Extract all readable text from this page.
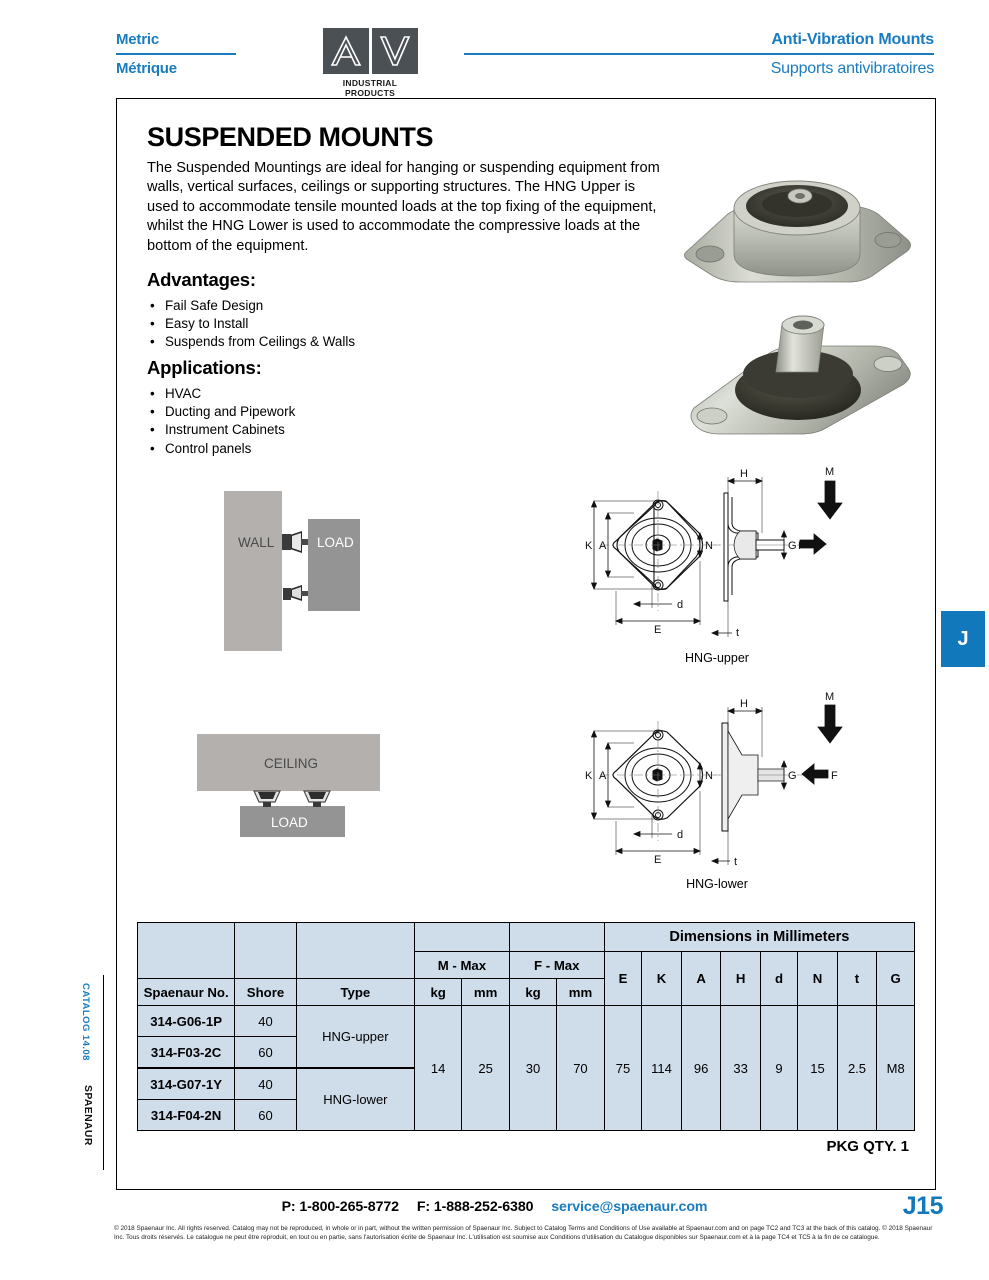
Metric
Métrique
INDUSTRIAL PRODUCTS
Anti-Vibration Mounts
Supports antivibratoires
SUSPENDED MOUNTS
The Suspended Mountings are ideal for hanging or suspending equipment from walls, vertical surfaces, ceilings or supporting structures. The HNG Upper is used to accommodate tensile mounted loads at the top fixing of the equipment, whilst the HNG Lower is used to accommodate the compressive loads at the bottom of the equipment.
Advantages:
• Fail Safe Design
• Easy to Install
• Suspends from Ceilings & Walls
Applications:
• HVAC
• Ducting and Pipework
• Instrument Cabinets
• Control panels
WALL	LOAD
CEILING
LOAD
K A	N
d
E
H
G F
t
M
HNG-upper
K A	N
d
E
H
G	F
t
M
HNG-lower
							Dimensions in Millimeters							
			M - Max		F - Max		E	K	A	H	d	N	t	G
Spaenaur No.	Shore	Type	kg	mm	kg	mm								
314-G06-1P	40	HNG-upper	14	25	30	70	75	114	96	33	9	15	2.5	M8
314-F03-2C	60													
314-G07-1Y	40	HNG-lower												
314-F04-2N	60													
PKG QTY. 1
J
CATALOG 14.08
SPAENAUR
P: 1-800-265-8772 F: 1-888-252-6380 service@spaenaur.com	J15
© 2018 Spaenaur Inc. All rights reserved. Catalog may not be reproduced, in whole or in part, without the written permission of Spaenaur Inc. Subject to Catalog Terms and Conditions of Use available at Spaenaur.com and on page TC2 and TC3 at the back of this catalog. © 2018 Spaenaur Inc. Tous droits réservés. Le catalogue ne peut être reproduit, en tout ou en partie, sans l'autorisation écrite de Spaenaur Inc. L'utilisation est soumise aux Conditions d'utilisation du Catalogue disponibles sur Spaenaur.com et à la page TC4 et TC5 à la fin de ce catalogue.
